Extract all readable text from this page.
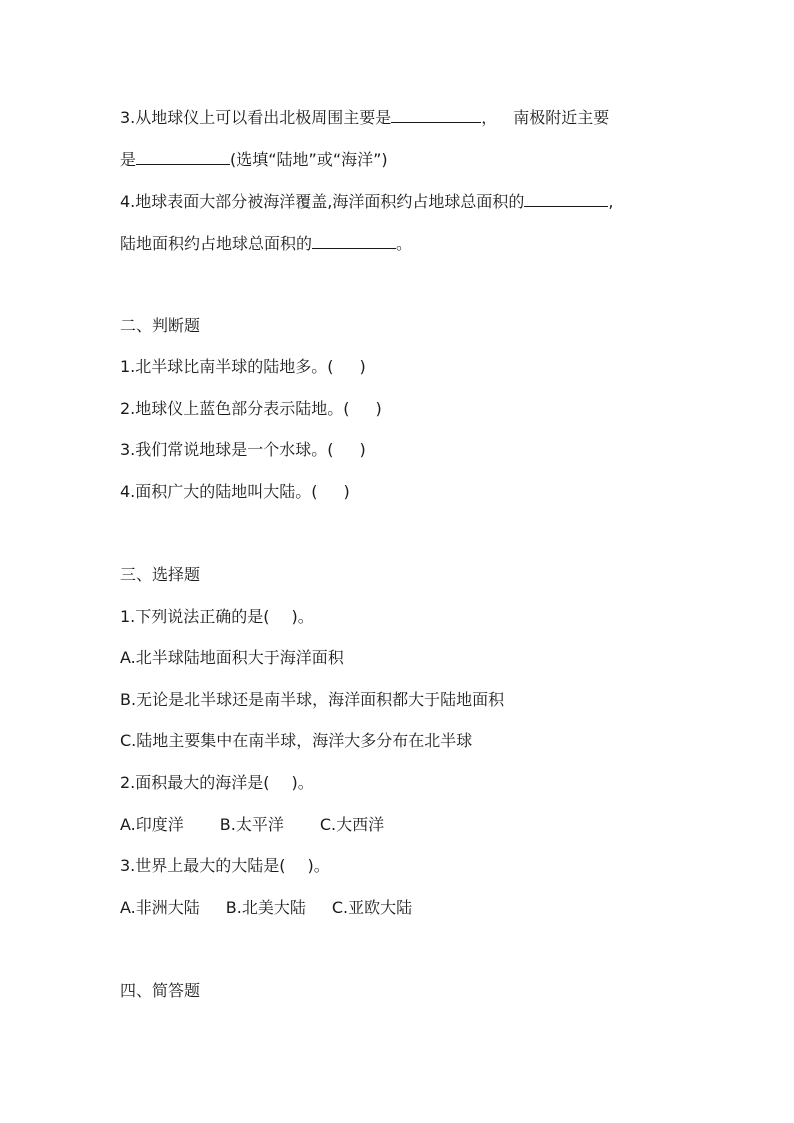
3.从地球仪上可以看出北极周围主要是	， 南极附近主要
是	(选填“陆地”或“海洋”)
4.地球表面大部分被海洋覆盖,海洋面积约占地球总面积的	,
陆地面积约占地球总面积的	。
二、判断题
1.北半球比南半球的陆地多。( )
2.地球仪上蓝色部分表示陆地。( )
3.我们常说地球是一个水球。( )
4.面积广大的陆地叫大陆。( )
三、选择题
1.下列说法正确的是( )。
A.北半球陆地面积大于海洋面积
B.无论是北半球还是南半球，海洋面积都大于陆地面积
C.陆地主要集中在南半球，海洋大多分布在北半球
2.面积最大的海洋是( )。
A.印度洋 B.太平洋 C.大西洋
3.世界上最大的大陆是( )。
A.非洲大陆 B.北美大陆 C.亚欧大陆
四、简答题
